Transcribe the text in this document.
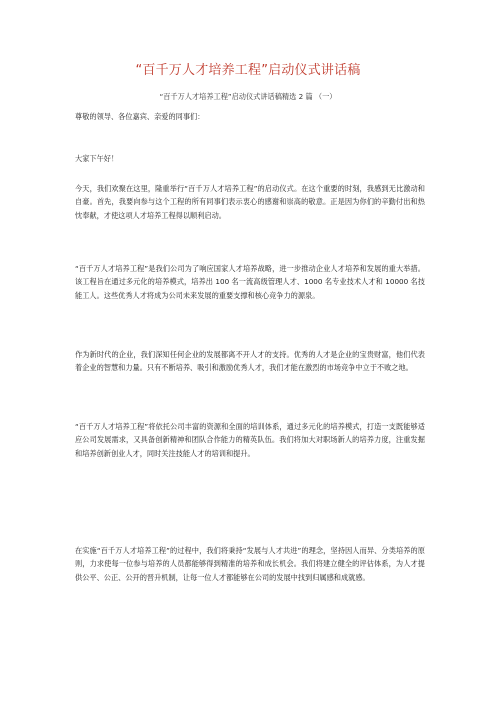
“百千万人才培养工程”启动仪式讲话稿
“百千万人才培养工程”启动仪式讲话稿精选 2 篇 （一）

尊敬的领导、各位嘉宾、亲爱的同事们：

大家下午好！

今天，我们欢聚在这里，隆重举行“百千万人才培养工程”的启动仪式。在这个重要的时刻，我感到无比激动和自豪。首先，我要向参与这个工程的所有同事们表示衷心的感谢和崇高的敬意。正是因为你们的辛勤付出和热忱奉献，才使这项人才培养工程得以顺利启动。

“百千万人才培养工程”是我们公司为了响应国家人才培养战略，进一步推动企业人才培养和发展的重大举措。该工程旨在通过多元化的培养模式，培养出 100 名一流高级管理人才、1000 名专业技术人才和 10000 名技能工人。这些优秀人才将成为公司未来发展的重要支撑和核心竞争力的源泉。

作为新时代的企业，我们深知任何企业的发展都离不开人才的支持。优秀的人才是企业的宝贵财富，他们代表着企业的智慧和力量。只有不断培养、吸引和激励优秀人才，我们才能在激烈的市场竞争中立于不败之地。

“百千万人才培养工程”将依托公司丰富的资源和全面的培训体系，通过多元化的培养模式，打造一支既能够适应公司发展需求，又具备创新精神和团队合作能力的精英队伍。我们将加大对职场新人的培养力度，注重发掘和培养创新创业人才，同时关注技能人才的培训和提升。

在实施“百千万人才培养工程”的过程中，我们将秉持“发展与人才共进”的理念，坚持因人而异、分类培养的原则，力求使每一位参与培养的人员都能够得到精准的培养和成长机会。我们将建立健全的评估体系，为人才提供公平、公正、公开的晋升机制，让每一位人才都能够在公司的发展中找到归属感和成就感。
